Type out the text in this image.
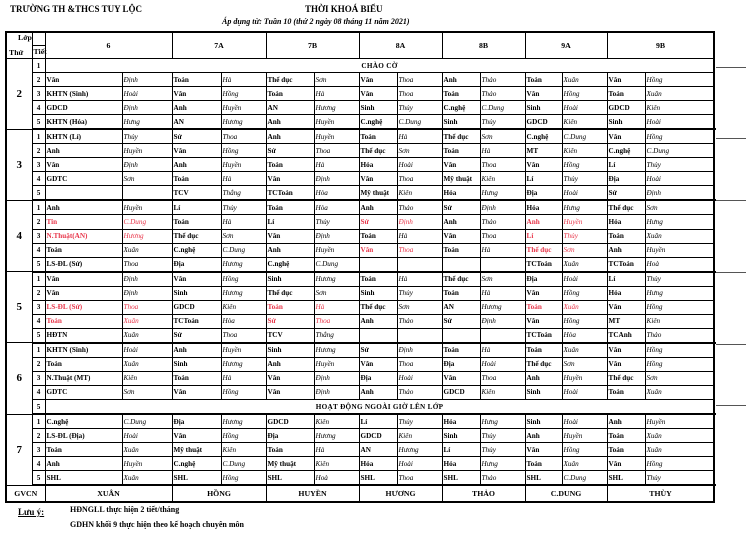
TRƯỜNG TH &THCS TUY LỘC	THỜI KHOÁ BIỂU
Áp dụng từ: Tuần 10 (thứ 2 ngày 08 tháng 11 năm 2021)
Lớp
Thứ		6		7A		7B		8A		8B		9A		9B	
	Tiết															
2	1	CHÀO CỜ														
	2	Văn	Định	Toán	Hà	Thể dục	Sơn	Văn	Thoa	Anh	Thảo	Toán	Xuân	Văn	Hồng	
	3	KHTN (Sinh)	Hoài	Văn	Hồng	Toán	Hà	Văn	Thoa	Toán	Thảo	Văn	Hồng	Toán	Xuân	
	4	GDCD	Định	Anh	Huyền	AN	Hương	Sinh	Thủy	C.nghệ	C.Dung	Sinh	Hoài	GDCD	Kiên	
	5	KHTN (Hóa)	Hưng	AN	Hương	Anh	Huyền	C.nghệ	C.Dung	Sinh	Thủy	GDCD	Kiên	Sinh	Hoài	
3	1	KHTN (Lí)	Thủy	Sử	Thoa	Anh	Huyền	Toán	Hà	Thể dục	Sơn	C.nghệ	C.Dung	Văn	Hồng	
	2	Anh	Huyền	Văn	Hồng	Sử	Thoa	Thể dục	Sơn	Toán	Hà	MT	Kiên	C.nghệ	C.Dung	
	3	Văn	Định	Anh	Huyền	Toán	Hà	Hóa	Hoài	Văn	Thoa	Văn	Hồng	Lí	Thủy	
	4	GDTC	Sơn	Toán	Hà	Văn	Định	Văn	Thoa	Mỹ thuật	Kiên	Lí	Thủy	Địa	Hoài	
	5			TCV	Thắng	TCToán	Hòa	Mỹ thuật	Kiên	Hóa	Hưng	Địa	Hoài	Sử	Định	
4	1	Anh	Huyền	Lí	Thủy	Toán	Hòa	Anh	Thảo	Sử	Định	Hóa	Hưng	Thể dục	Sơn	
	2	Tin	C.Dung	Toán	Hà	Lí	Thủy	Sử	Định	Anh	Thảo	Anh	Huyền	Hóa	Hưng	
	3	N.Thuật(AN)	Hương	Thể dục	Sơn	Văn	Định	Toán	Hà	Văn	Thoa	Lí	Thủy	Toán	Xuân	
	4	Toán	Xuân	C.nghệ	C.Dung	Anh	Huyền	Văn	Thoa	Toán	Hà	Thể dục	Sơn	Anh	Huyền	
	5	LS-ĐL (Sử)	Thoa	Địa	Hương	C.nghệ	C.Dung					TCToán	Xuân	TCToán	Hoà	
5	1	Văn	Định	Văn	Hồng	Sinh	Hương	Toán	Hà	Thể dục	Sơn	Địa	Hoài	Lí	Thủy	
	2	Văn	Định	Sinh	Hương	Thể dục	Sơn	Sinh	Thủy	Toán	Hà	Văn	Hồng	Hóa	Hưng	
	3	LS-ĐL (Sử)	Thoa	GDCD	Kiên	Toán	Hà	Thể dục	Sơn	AN	Hương	Toán	Xuân	Văn	Hồng	
	4	Toán	Xuân	TCToán	Hòa	Sử	Thoa	Anh	Thảo	Sử	Định	Văn	Hồng	MT	Kiên	
	5	HĐTN	Xuân	Sử	Thoa	TCV	Thắng					TCToán	Hòa	TCAnh	Thảo	
6	1	KHTN (Sinh)	Hoài	Anh	Huyền	Sinh	Hương	Sử	Định	Toán	Hà	Toán	Xuân	Văn	Hồng	
	2	Toán	Xuân	Sinh	Hương	Anh	Huyền	Văn	Thoa	Địa	Hoài	Thể dục	Sơn	Văn	Hồng	
	3	N.Thuật (MT)	Kiên	Toán	Hà	Văn	Định	Địa	Hoài	Văn	Thoa	Anh	Huyền	Thể dục	Sơn	
	4	GDTC	Sơn	Văn	Hồng	Văn	Định	Anh	Thảo	GDCD	Kiên	Sinh	Hoài	Toán	Xuân	
	5	HOẠT ĐỘNG NGOÀI GIỜ LÊN LỚP														
7	1	C.nghệ	C.Dung	Địa	Hương	GDCD	Kiên	Lí	Thủy	Hóa	Hưng	Sinh	Hoài	Anh	Huyền	
	2	LS-ĐL (Địa)	Hoài	Văn	Hồng	Địa	Hương	GDCD	Kiên	Sinh	Thủy	Anh	Huyền	Toán	Xuân	
	3	Toán	Xuân	Mỹ thuật	Kiên	Toán	Hà	AN	Hương	Lí	Thủy	Văn	Hồng	Toán	Xuân	
	4	Anh	Huyền	C.nghệ	C.Dung	Mỹ thuật	Kiên	Hóa	Hoài	Hóa	Hưng	Toán	Xuân	Văn	Hồng	
	5	SHL	Xuân	SHL	Hồng	SHL	Hoà	SHL	Thoa	SHL	Thảo	SHL	C.Dung	SHL	Thủy	
GVCN		XUÂN		HỒNG		HUYỀN		HƯƠNG		THẢO		C.DUNG		THÙY		
Lưu ý:	HĐNGLL thực hiện 2 tiết/tháng
GDHN khối 9 thực hiện theo kế hoạch chuyên môn
